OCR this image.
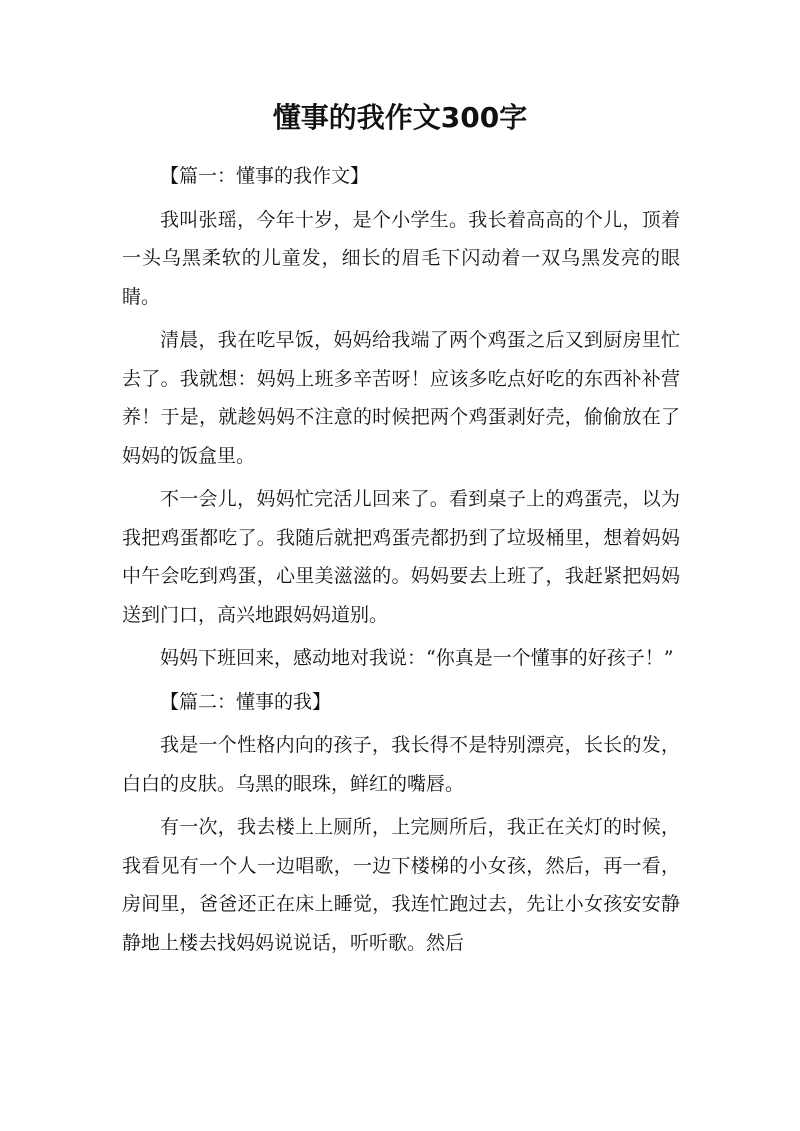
懂事的我作文300字

【篇一：懂事的我作文】

我叫张瑶，今年十岁，是个小学生。我长着高高的个儿，顶着一头乌黑柔软的儿童发，细长的眉毛下闪动着一双乌黑发亮的眼睛。

清晨，我在吃早饭，妈妈给我端了两个鸡蛋之后又到厨房里忙去了。我就想：妈妈上班多辛苦呀！应该多吃点好吃的东西补补营养！于是，就趁妈妈不注意的时候把两个鸡蛋剥好壳，偷偷放在了妈妈的饭盒里。

不一会儿，妈妈忙完活儿回来了。看到桌子上的鸡蛋壳，以为我把鸡蛋都吃了。我随后就把鸡蛋壳都扔到了垃圾桶里，想着妈妈中午会吃到鸡蛋，心里美滋滋的。妈妈要去上班了，我赶紧把妈妈送到门口，高兴地跟妈妈道别。

妈妈下班回来，感动地对我说：“你真是一个懂事的好孩子！”

【篇二：懂事的我】

我是一个性格内向的孩子，我长得不是特别漂亮，长长的发，白白的皮肤。乌黑的眼珠，鲜红的嘴唇。

有一次，我去楼上上厕所，上完厕所后，我正在关灯的时候，我看见有一个人一边唱歌，一边下楼梯的小女孩，然后，再一看，房间里，爸爸还正在床上睡觉，我连忙跑过去，先让小女孩安安静静地上楼去找妈妈说说话，听听歌。然后
